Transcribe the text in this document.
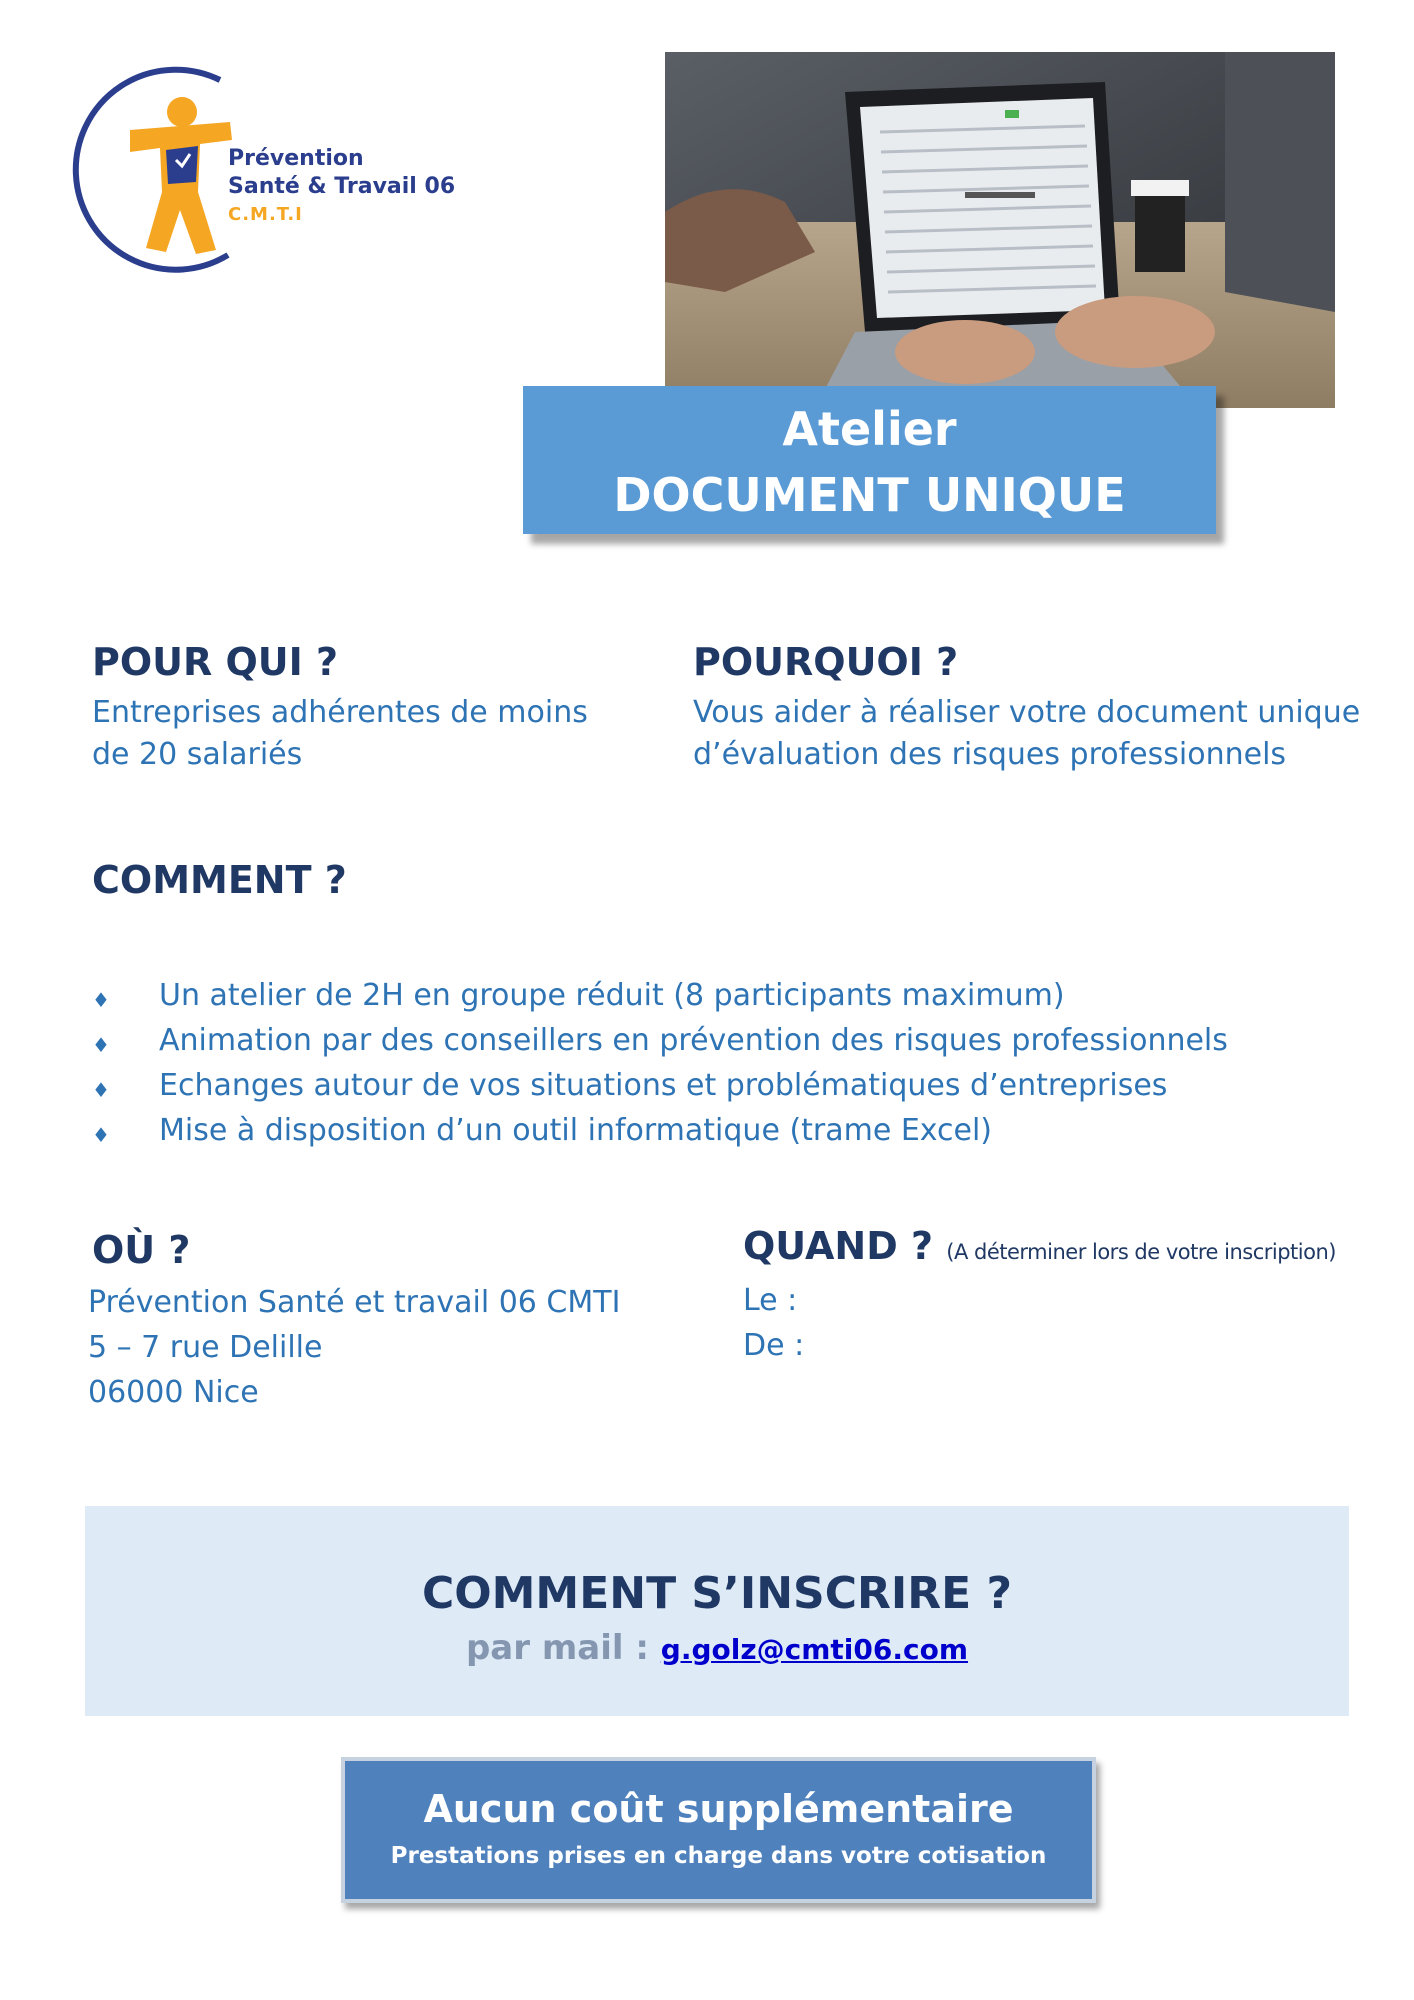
Prévention
Santé & Travail 06
C.M.T.I
Atelier
DOCUMENT UNIQUE
POUR QUI ?
Entreprises adhérentes de moins
de 20 salariés
POURQUOI ?
Vous aider à réaliser votre document unique
d’évaluation des risques professionnels
COMMENT ?
♦ Un atelier de 2H en groupe réduit (8 participants maximum)
♦ Animation par des conseillers en prévention des risques professionnels
♦ Echanges autour de vos situations et problématiques d’entreprises
♦ Mise à disposition d’un outil informatique (trame Excel)
OÙ ?
Prévention Santé et travail 06 CMTI
5 – 7 rue Delille
06000 Nice
QUAND ? (A déterminer lors de votre inscription)
Le :
De :
COMMENT S’INSCRIRE ?
par mail : g.golz@cmti06.com
Aucun coût supplémentaire
Prestations prises en charge dans votre cotisation
